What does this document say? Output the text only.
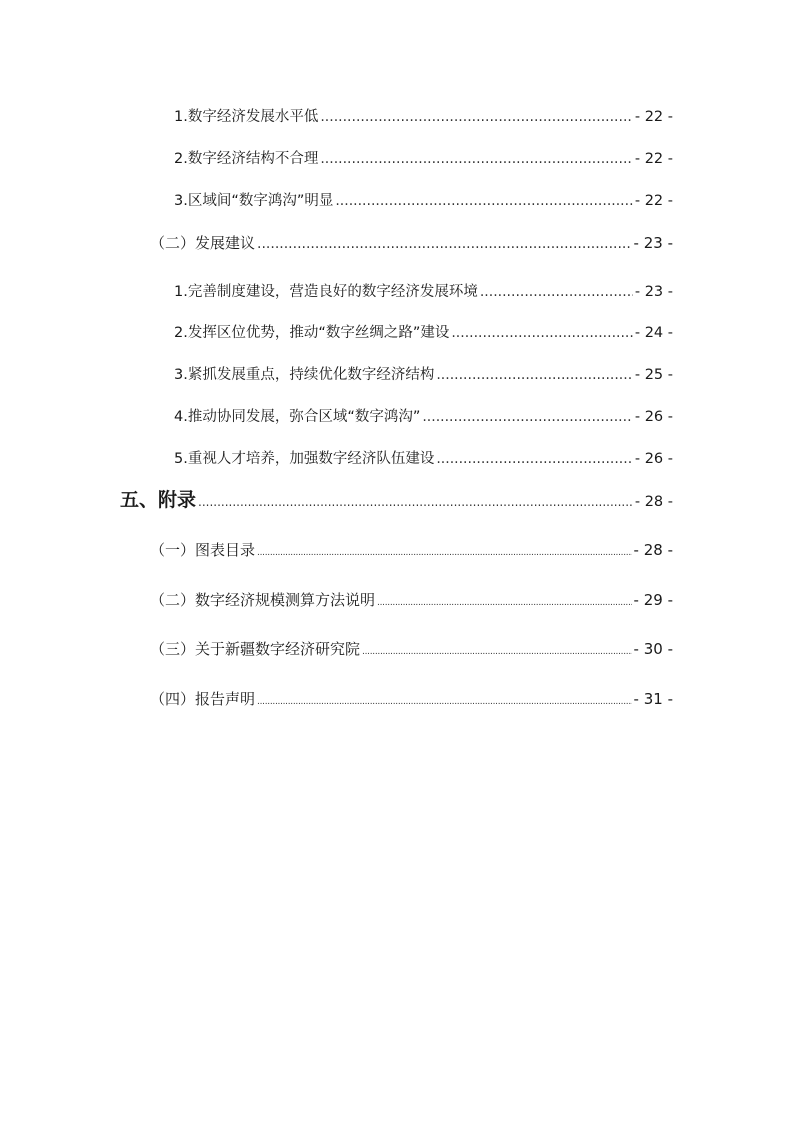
1.数字经济发展水平低 .....	- 22 -
2.数字经济结构不合理 .....	- 22 -
3.区域间“数字鸿沟”明显 .....	- 22 -
（二）发展建议 .....	- 23 -
1.完善制度建设，营造良好的数字经济发展环境 .....	- 23 -
2.发挥区位优势，推动“数字丝绸之路”建设 .....	- 24 -
3.紧抓发展重点，持续优化数字经济结构 .....	- 25 -
4.推动协同发展，弥合区域“数字鸿沟” .....	- 26 -
5.重视人才培养，加强数字经济队伍建设 .....	- 26 -
五、附录 .....	- 28 -
（一）图表目录 .....	- 28 -
（二）数字经济规模测算方法说明 .....	- 29 -
（三）关于新疆数字经济研究院 .....	- 30 -
（四）报告声明 .....	- 31 -
